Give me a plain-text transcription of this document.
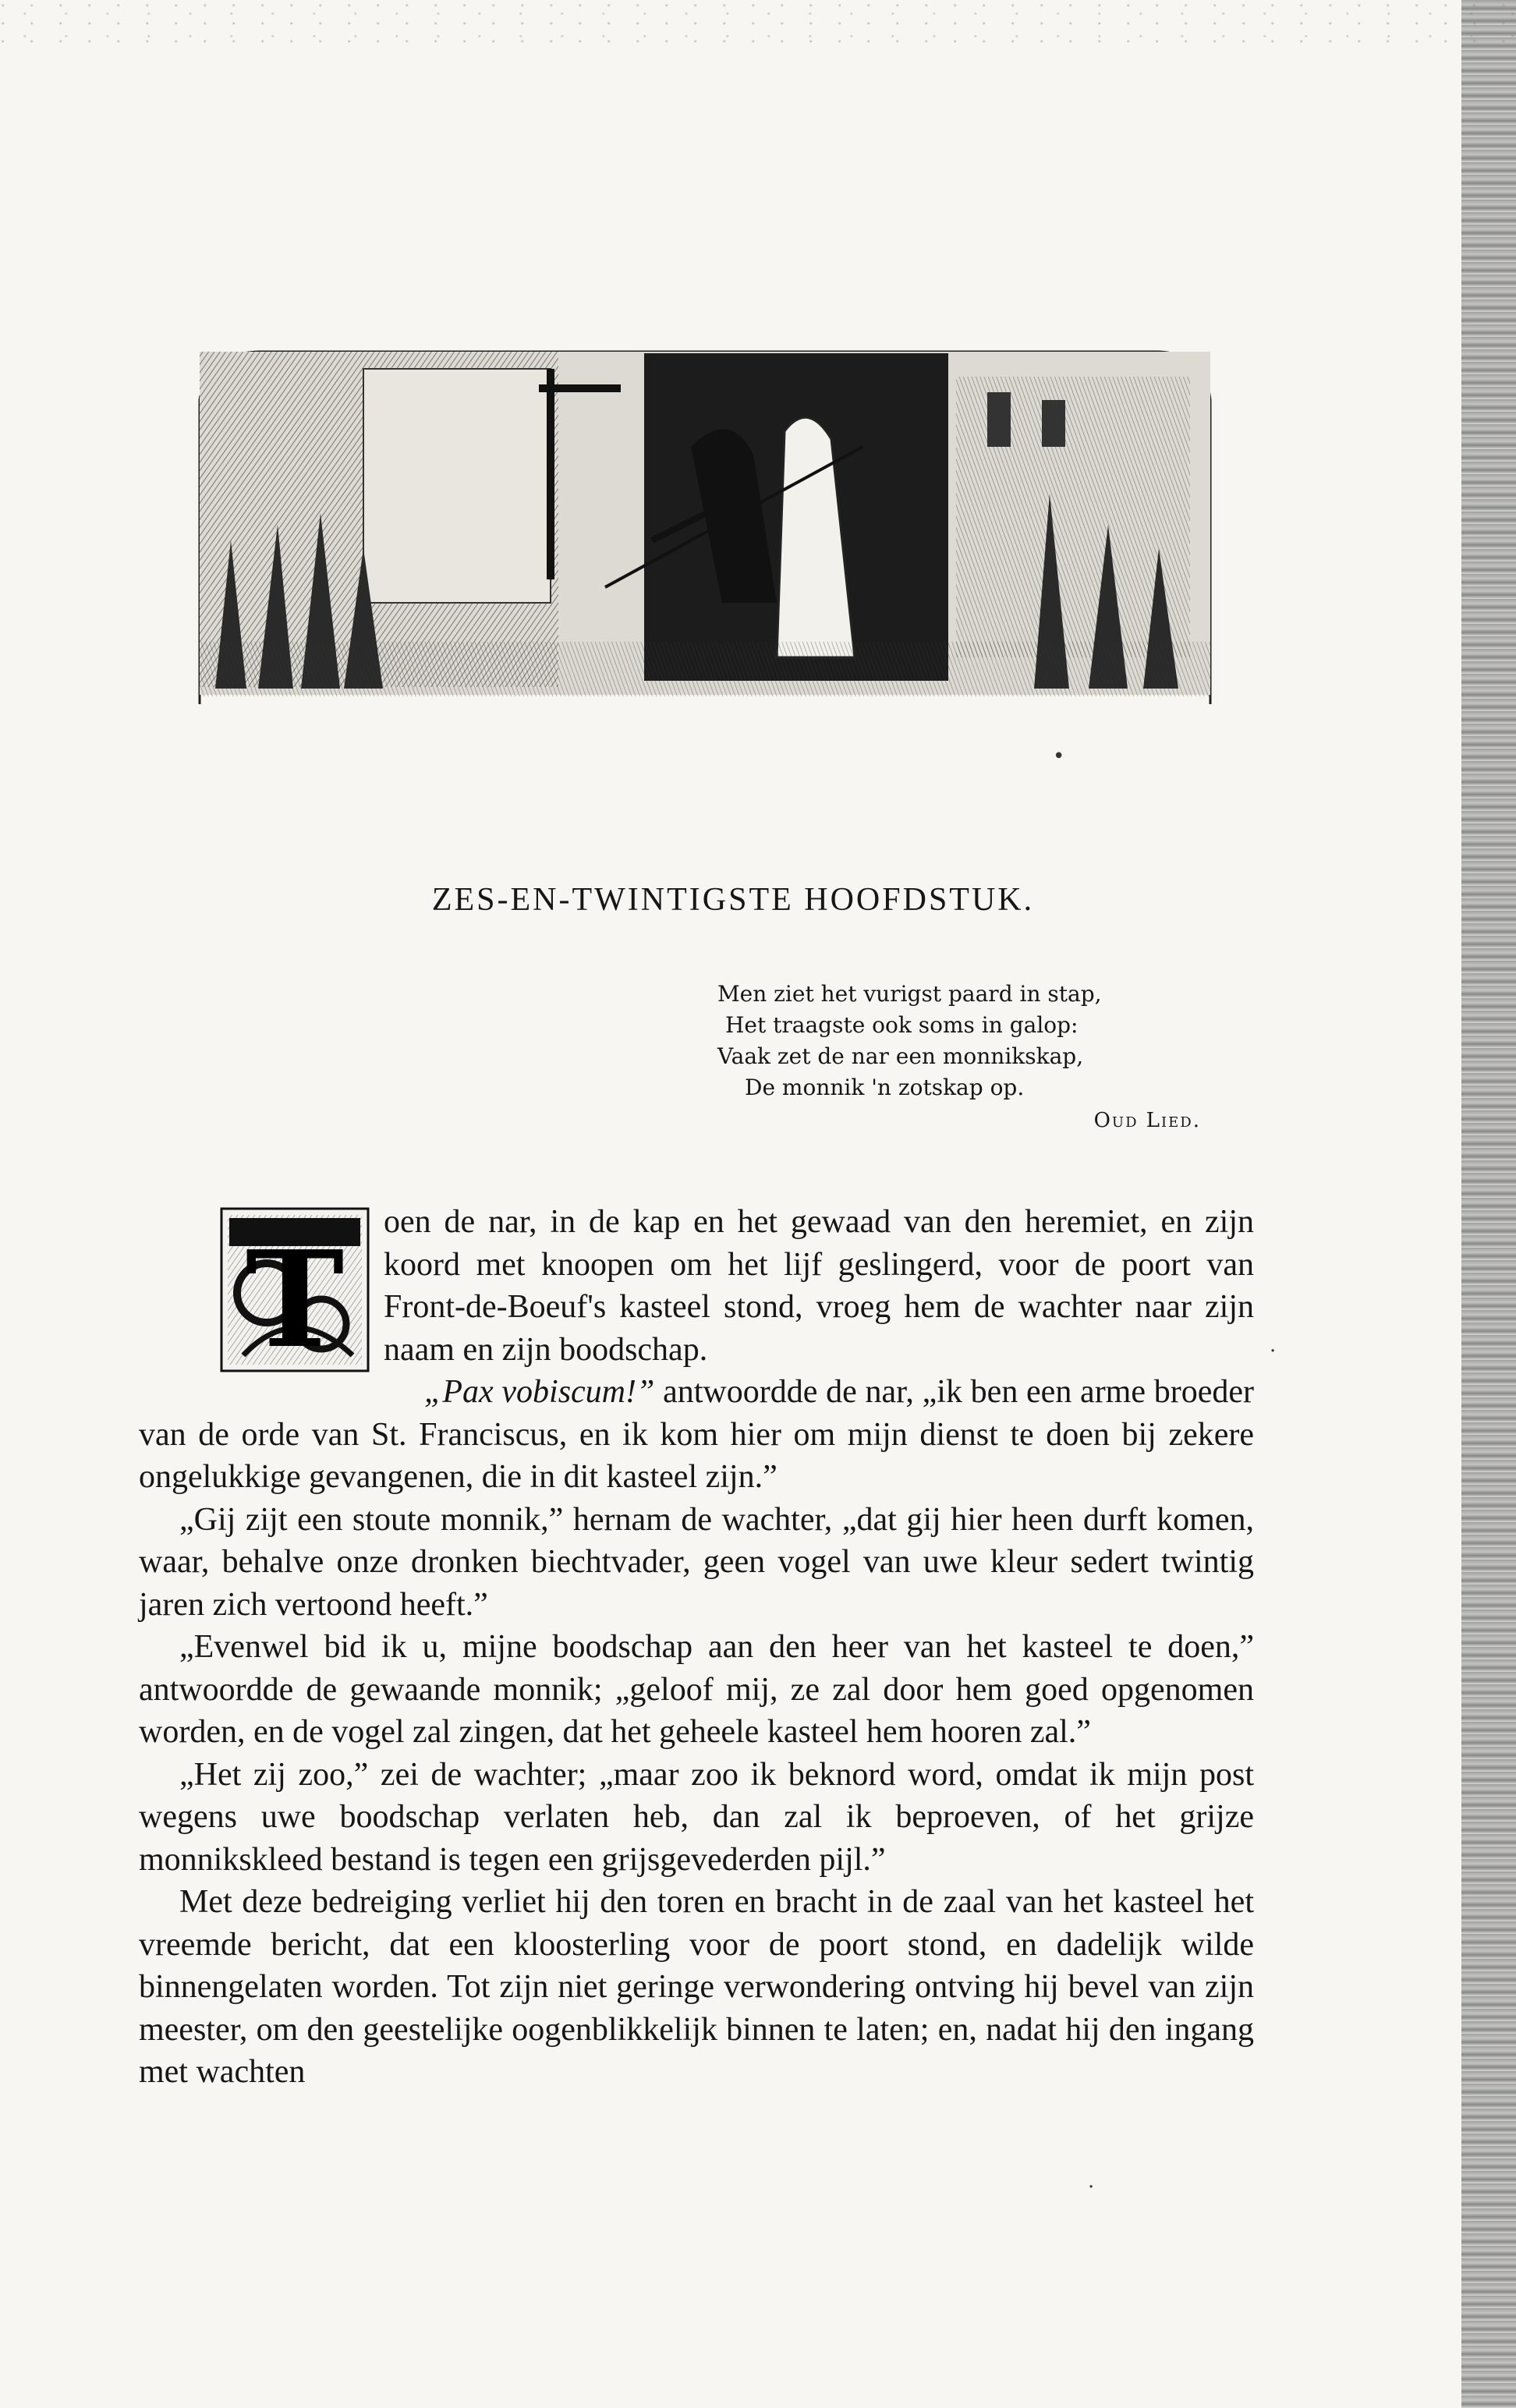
ZES-EN-TWINTIGSTE HOOFDSTUK.
Men ziet het vurigst paard in stap,
Het traagste ook soms in galop:
Vaak zet de nar een monnikskap,
De monnik 'n zotskap op.
Oud Lied.
T	oen de nar, in de kap en het gewaad van den heremiet, en zijn koord met knoopen om het lijf geslingerd, voor de poort van Front-de-Boeuf's kasteel stond, vroeg hem de wachter naar zijn naam en zijn boodschap.

„Pax vobiscum!” antwoordde de nar, „ik ben een arme broeder van de orde van St. Franciscus, en ik kom hier om mijn dienst te doen bij zekere ongelukkige gevangenen, die in dit kasteel zijn.”

„Gij zijt een stoute monnik,” hernam de wachter, „dat gij hier heen durft komen, waar, behalve onze dronken biechtvader, geen vogel van uwe kleur sedert twintig jaren zich vertoond heeft.”

„Evenwel bid ik u, mijne boodschap aan den heer van het kasteel te doen,” antwoordde de gewaande monnik; „geloof mij, ze zal door hem goed opgenomen worden, en de vogel zal zingen, dat het geheele kasteel hem hooren zal.”

„Het zij zoo,” zei de wachter; „maar zoo ik beknord word, omdat ik mijn post wegens uwe boodschap verlaten heb, dan zal ik beproeven, of het grijze monnikskleed bestand is tegen een grijsgevederden pijl.”

Met deze bedreiging verliet hij den toren en bracht in de zaal van het kasteel het vreemde bericht, dat een kloosterling voor de poort stond, en dadelijk wilde binnengelaten worden. Tot zijn niet geringe verwondering ontving hij bevel van zijn meester, om den geestelijke oogenblikkelijk binnen te laten; en, nadat hij den ingang met wachten

•
·
·
